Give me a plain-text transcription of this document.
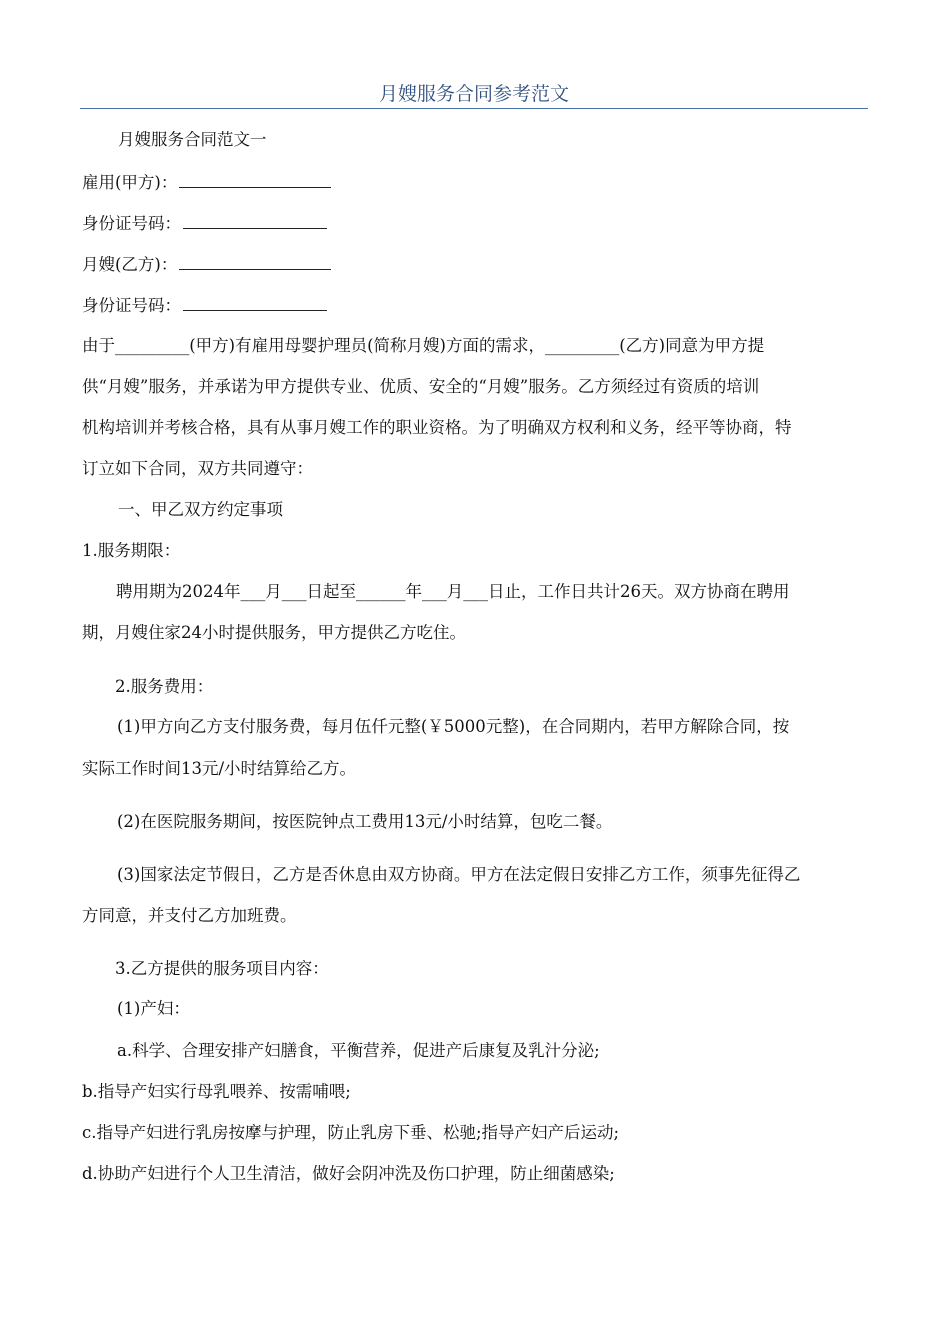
月嫂服务合同参考范文
月嫂服务合同范文一
雇用(甲方)：
身份证号码：
月嫂(乙方)：
身份证号码：
由于_________(甲方)有雇用母婴护理员(简称月嫂)方面的需求，_________(乙方)同意为甲方提
供“月嫂”服务，并承诺为甲方提供专业、优质、安全的“月嫂”服务。乙方须经过有资质的培训
机构培训并考核合格，具有从事月嫂工作的职业资格。为了明确双方权利和义务，经平等协商，特
订立如下合同，双方共同遵守：
一、甲乙双方约定事项
1.服务期限：
聘用期为2024年___月___日起至______年___月___日止，工作日共计26天。双方协商在聘用
期，月嫂住家24小时提供服务，甲方提供乙方吃住。
2.服务费用：
(1)甲方向乙方支付服务费，每月伍仟元整(￥5000元整)，在合同期内，若甲方解除合同，按
实际工作时间13元/小时结算给乙方。
(2)在医院服务期间，按医院钟点工费用13元/小时结算，包吃二餐。
(3)国家法定节假日，乙方是否休息由双方协商。甲方在法定假日安排乙方工作，须事先征得乙
方同意，并支付乙方加班费。
3.乙方提供的服务项目内容：
(1)产妇：
a.科学、合理安排产妇膳食，平衡营养，促进产后康复及乳汁分泌;
b.指导产妇实行母乳喂养、按需哺喂;
c.指导产妇进行乳房按摩与护理，防止乳房下垂、松驰;指导产妇产后运动;
d.协助产妇进行个人卫生清洁，做好会阴冲洗及伤口护理，防止细菌感染;
